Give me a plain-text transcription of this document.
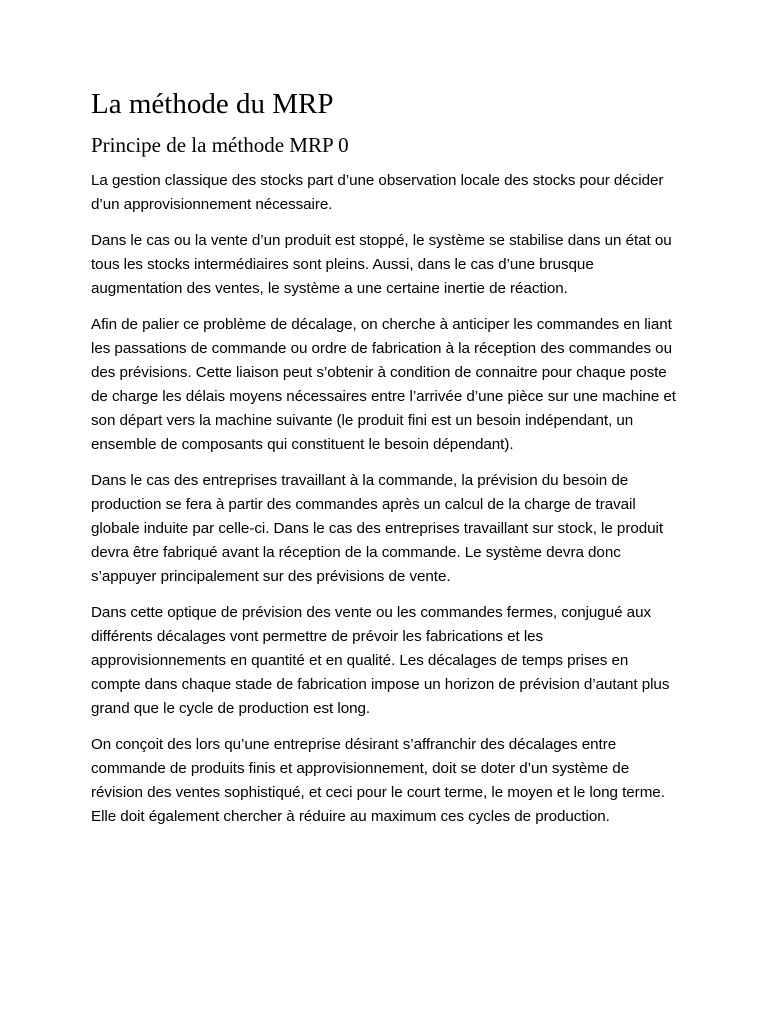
La méthode du MRP
Principe de la méthode MRP 0

La gestion classique des stocks part d’une observation locale des stocks pour décider d’un approvisionnement nécessaire.

Dans le cas ou la vente d’un produit est stoppé, le système se stabilise dans un état ou tous les stocks intermédiaires sont pleins. Aussi, dans le cas d’une brusque augmentation des ventes, le système a une certaine inertie de réaction.

Afin de palier ce problème de décalage, on cherche à anticiper les commandes en liant les passations de commande ou ordre de fabrication à la réception des commandes ou des prévisions. Cette liaison peut s’obtenir à condition de connaitre pour chaque poste de charge les délais moyens nécessaires entre l’arrivée d’une pièce sur une machine et son départ vers la machine suivante (le produit fini est un besoin indépendant, un ensemble de composants qui constituent le besoin dépendant).

Dans le cas des entreprises travaillant à la commande, la prévision du besoin de production se fera à partir des commandes après un calcul de la charge de travail globale induite par celle-ci. Dans le cas des entreprises travaillant sur stock, le produit devra être fabriqué avant la réception de la commande. Le système devra donc s’appuyer principalement sur des prévisions de vente.

Dans cette optique de prévision des vente ou les commandes fermes, conjugué aux différents décalages vont permettre de prévoir les fabrications et les approvisionnements en quantité et en qualité. Les décalages de temps prises en compte dans chaque stade de fabrication impose un horizon de prévision d’autant plus grand que le cycle de production est long.

On conçoit des lors qu’une entreprise désirant s’affranchir des décalages entre commande de produits finis et approvisionnement, doit se doter d’un système de révision des ventes sophistiqué, et ceci pour le court terme, le moyen et le long terme. Elle doit également chercher à réduire au maximum ces cycles de production.
